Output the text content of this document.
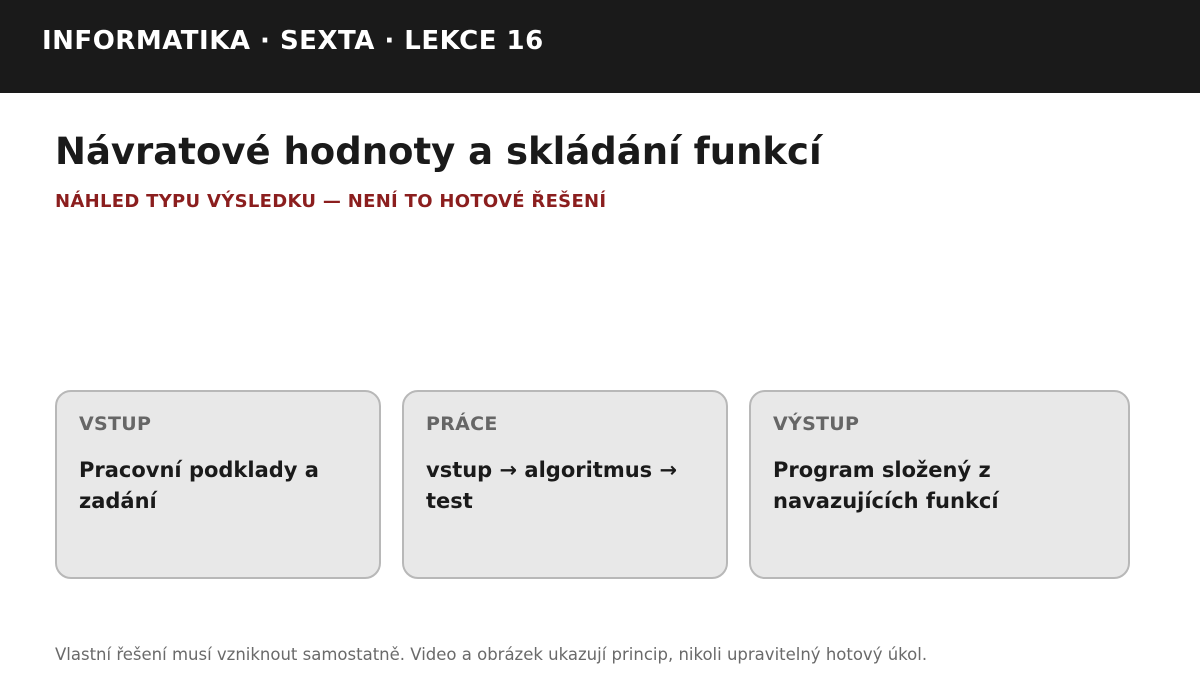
INFORMATIKA · SEXTA · LEKCE 16
Návratové hodnoty a skládání funkcí
NÁHLED TYPU VÝSLEDKU — NENÍ TO HOTOVÉ ŘEŠENÍ
VSTUP
Pracovní podklady a zadání
PRÁCE
vstup → algoritmus → test
VÝSTUP
Program složený z navazujících funkcí
Vlastní řešení musí vzniknout samostatně. Video a obrázek ukazují princip, nikoli upravitelný hotový úkol.
